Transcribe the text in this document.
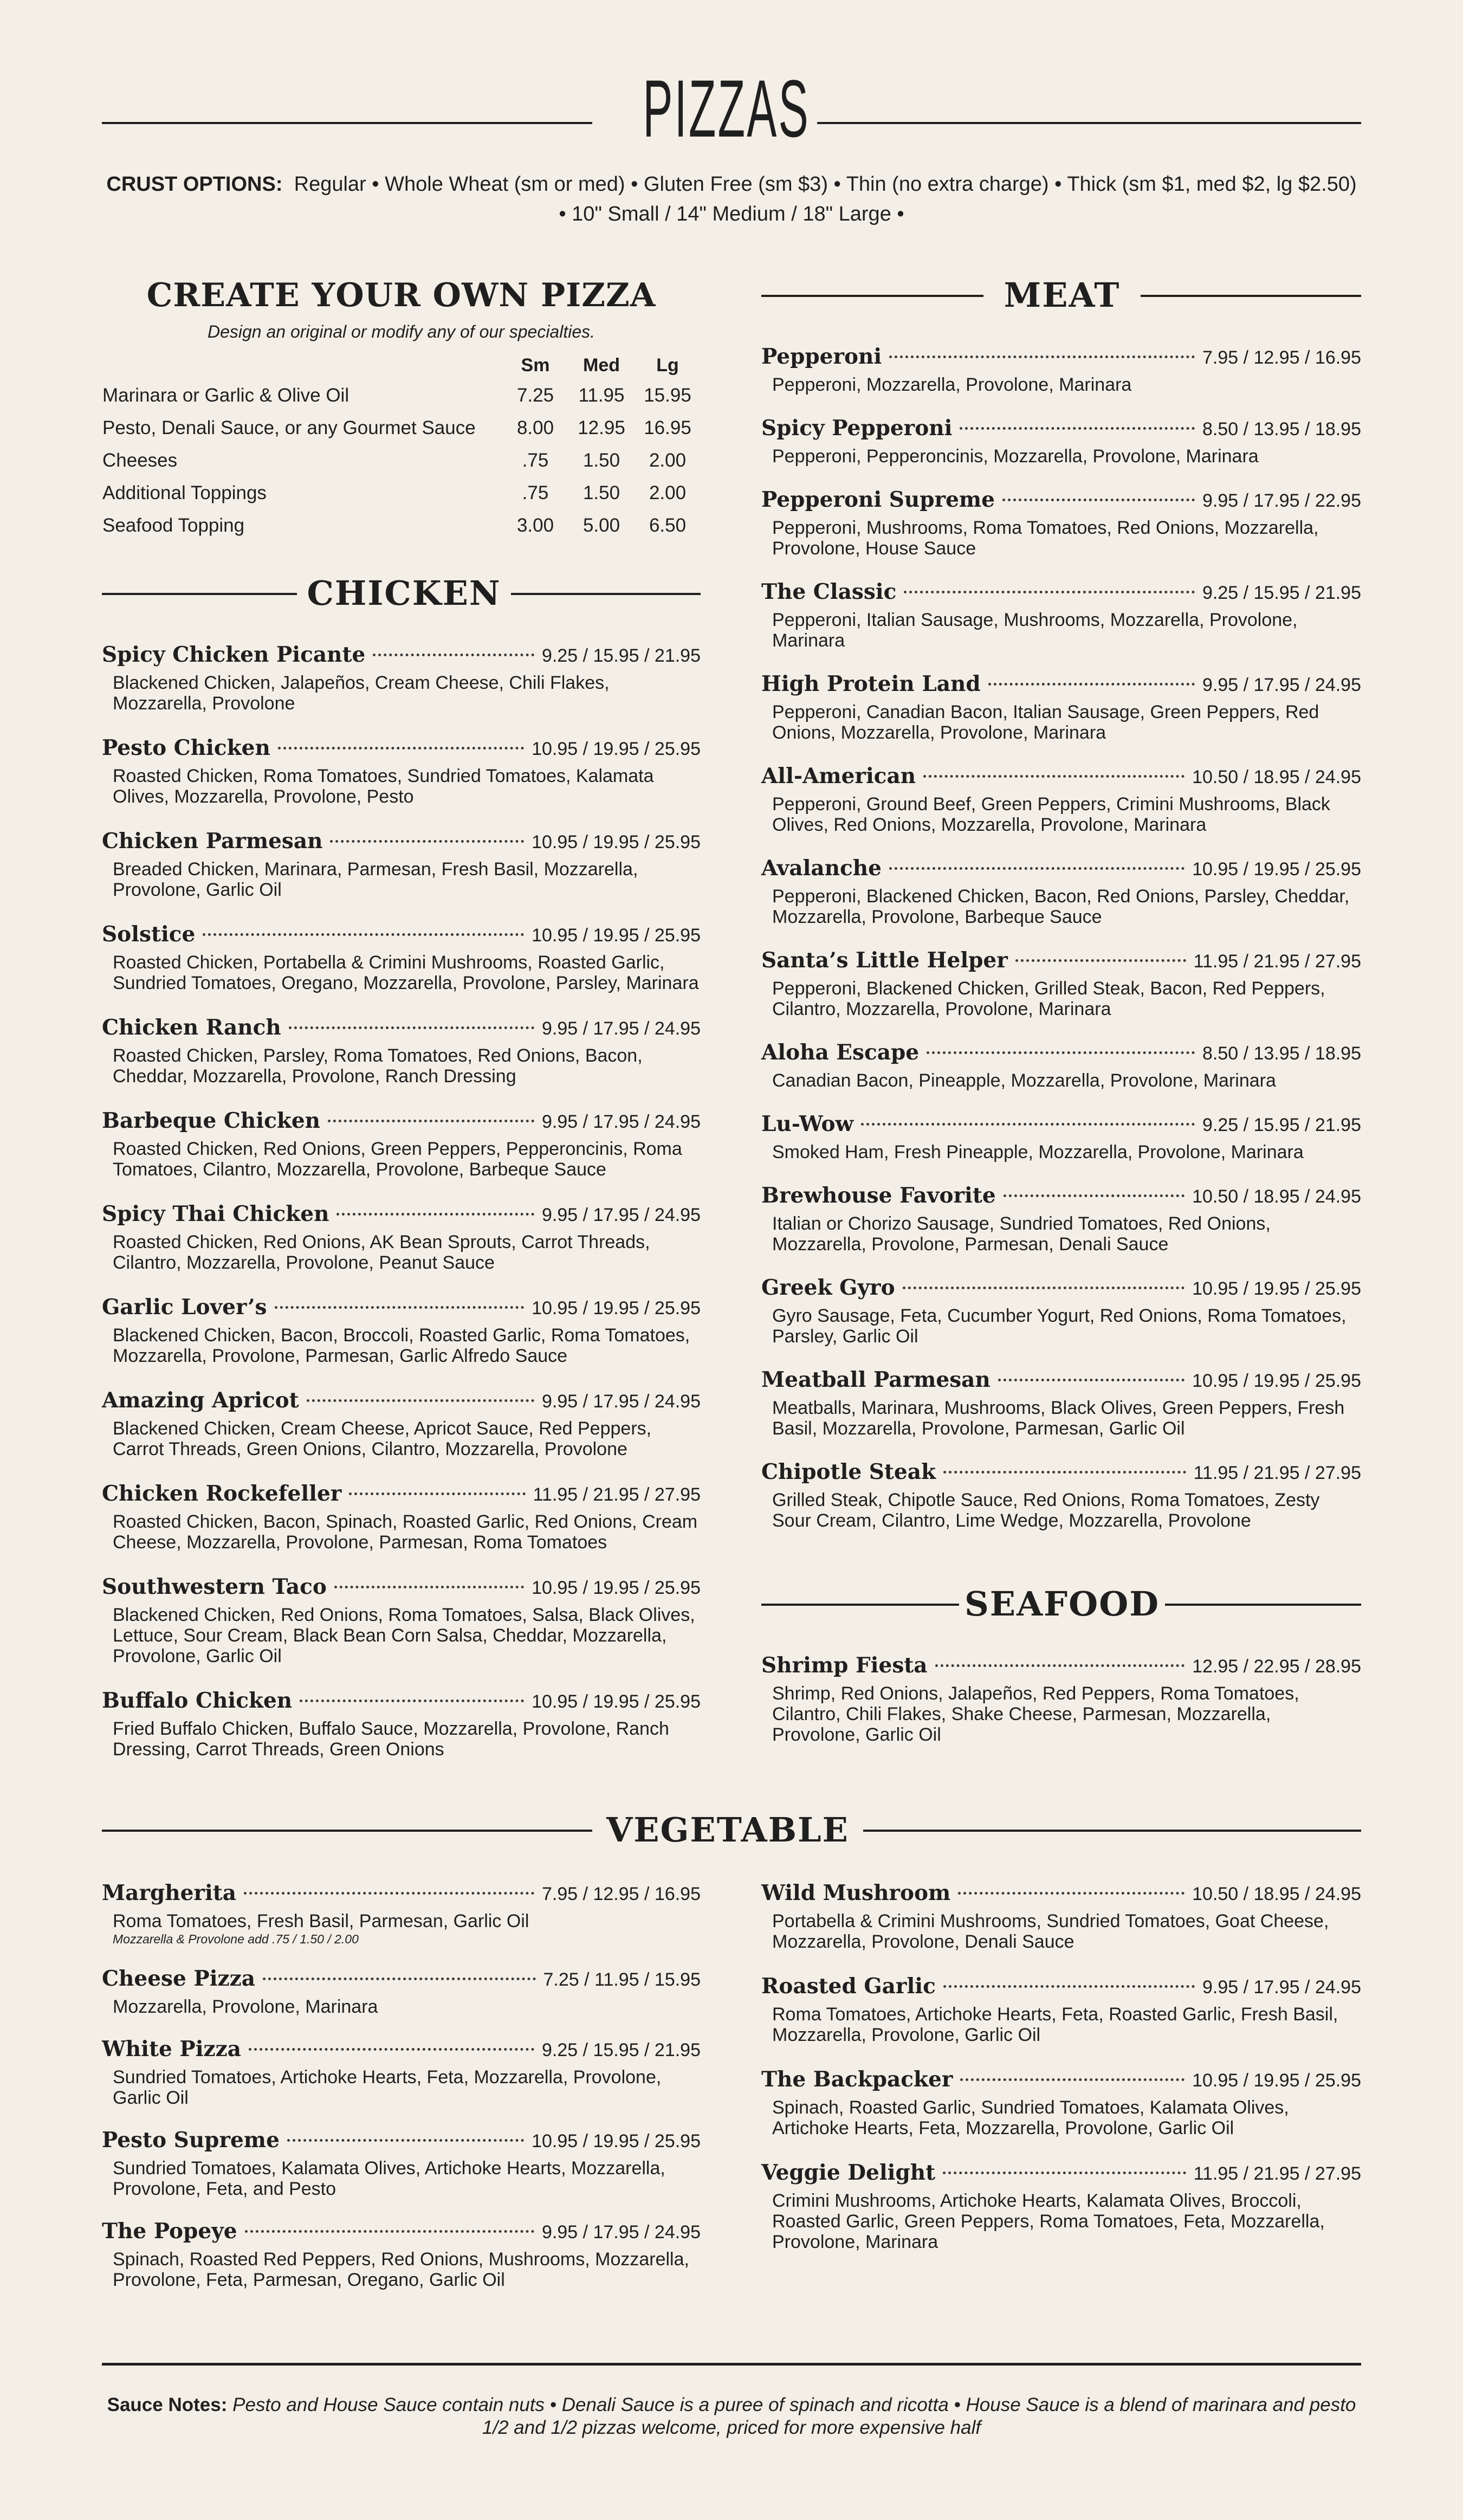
PIZZAS
CRUST OPTIONS: Regular • Whole Wheat (sm or med) • Gluten Free (sm $3) • Thin (no extra charge) • Thick (sm $1, med $2, lg $2.50)
• 10" Small / 14" Medium / 18" Large •
CREATE YOUR OWN PIZZA
Design an original or modify any of our specialties.
	Sm	Med	Lg
Marinara or Garlic & Olive Oil	7.25	11.95	15.95
Pesto, Denali Sauce, or any Gourmet Sauce	8.00	12.95	16.95
Cheeses	.75	1.50	2.00
Additional Toppings	.75	1.50	2.00
Seafood Topping	3.00	5.00	6.50
CHICKEN
Spicy Chicken Picante	9.25 / 15.95 / 21.95
Blackened Chicken, Jalapeños, Cream Cheese, Chili Flakes, Mozzarella, Provolone
Pesto Chicken	10.95 / 19.95 / 25.95
Roasted Chicken, Roma Tomatoes, Sundried Tomatoes, Kalamata Olives, Mozzarella, Provolone, Pesto
Chicken Parmesan	10.95 / 19.95 / 25.95
Breaded Chicken, Marinara, Parmesan, Fresh Basil, Mozzarella, Provolone, Garlic Oil
Solstice	10.95 / 19.95 / 25.95
Roasted Chicken, Portabella & Crimini Mushrooms, Roasted Garlic, Sundried Tomatoes, Oregano, Mozzarella, Provolone, Parsley, Marinara
Chicken Ranch	9.95 / 17.95 / 24.95
Roasted Chicken, Parsley, Roma Tomatoes, Red Onions, Bacon, Cheddar, Mozzarella, Provolone, Ranch Dressing
Barbeque Chicken	9.95 / 17.95 / 24.95
Roasted Chicken, Red Onions, Green Peppers, Pepperoncinis, Roma Tomatoes, Cilantro, Mozzarella, Provolone, Barbeque Sauce
Spicy Thai Chicken	9.95 / 17.95 / 24.95
Roasted Chicken, Red Onions, AK Bean Sprouts, Carrot Threads, Cilantro, Mozzarella, Provolone, Peanut Sauce
Garlic Lover’s	10.95 / 19.95 / 25.95
Blackened Chicken, Bacon, Broccoli, Roasted Garlic, Roma Tomatoes, Mozzarella, Provolone, Parmesan, Garlic Alfredo Sauce
Amazing Apricot	9.95 / 17.95 / 24.95
Blackened Chicken, Cream Cheese, Apricot Sauce, Red Peppers, Carrot Threads, Green Onions, Cilantro, Mozzarella, Provolone
Chicken Rockefeller	11.95 / 21.95 / 27.95
Roasted Chicken, Bacon, Spinach, Roasted Garlic, Red Onions, Cream Cheese, Mozzarella, Provolone, Parmesan, Roma Tomatoes
Southwestern Taco	10.95 / 19.95 / 25.95
Blackened Chicken, Red Onions, Roma Tomatoes, Salsa, Black Olives, Lettuce, Sour Cream, Black Bean Corn Salsa, Cheddar, Mozzarella, Provolone, Garlic Oil
Buffalo Chicken	10.95 / 19.95 / 25.95
Fried Buffalo Chicken, Buffalo Sauce, Mozzarella, Provolone, Ranch Dressing, Carrot Threads, Green Onions
MEAT
Pepperoni	7.95 / 12.95 / 16.95
Pepperoni, Mozzarella, Provolone, Marinara
Spicy Pepperoni	8.50 / 13.95 / 18.95
Pepperoni, Pepperoncinis, Mozzarella, Provolone, Marinara
Pepperoni Supreme	9.95 / 17.95 / 22.95
Pepperoni, Mushrooms, Roma Tomatoes, Red Onions, Mozzarella, Provolone, House Sauce
The Classic	9.25 / 15.95 / 21.95
Pepperoni, Italian Sausage, Mushrooms, Mozzarella, Provolone, Marinara
High Protein Land	9.95 / 17.95 / 24.95
Pepperoni, Canadian Bacon, Italian Sausage, Green Peppers, Red Onions, Mozzarella, Provolone, Marinara
All-American	10.50 / 18.95 / 24.95
Pepperoni, Ground Beef, Green Peppers, Crimini Mushrooms, Black Olives, Red Onions, Mozzarella, Provolone, Marinara
Avalanche	10.95 / 19.95 / 25.95
Pepperoni, Blackened Chicken, Bacon, Red Onions, Parsley, Cheddar, Mozzarella, Provolone, Barbeque Sauce
Santa’s Little Helper	11.95 / 21.95 / 27.95
Pepperoni, Blackened Chicken, Grilled Steak, Bacon, Red Peppers, Cilantro, Mozzarella, Provolone, Marinara
Aloha Escape	8.50 / 13.95 / 18.95
Canadian Bacon, Pineapple, Mozzarella, Provolone, Marinara
Lu-Wow	9.25 / 15.95 / 21.95
Smoked Ham, Fresh Pineapple, Mozzarella, Provolone, Marinara
Brewhouse Favorite	10.50 / 18.95 / 24.95
Italian or Chorizo Sausage, Sundried Tomatoes, Red Onions, Mozzarella, Provolone, Parmesan, Denali Sauce
Greek Gyro	10.95 / 19.95 / 25.95
Gyro Sausage, Feta, Cucumber Yogurt, Red Onions, Roma Tomatoes, Parsley, Garlic Oil
Meatball Parmesan	10.95 / 19.95 / 25.95
Meatballs, Marinara, Mushrooms, Black Olives, Green Peppers, Fresh Basil, Mozzarella, Provolone, Parmesan, Garlic Oil
Chipotle Steak	11.95 / 21.95 / 27.95
Grilled Steak, Chipotle Sauce, Red Onions, Roma Tomatoes, Zesty Sour Cream, Cilantro, Lime Wedge, Mozzarella, Provolone
SEAFOOD
Shrimp Fiesta	12.95 / 22.95 / 28.95
Shrimp, Red Onions, Jalapeños, Red Peppers, Roma Tomatoes, Cilantro, Chili Flakes, Shake Cheese, Parmesan, Mozzarella, Provolone, Garlic Oil
VEGETABLE
Margherita	7.95 / 12.95 / 16.95
Roma Tomatoes, Fresh Basil, Parmesan, Garlic Oil
Mozzarella & Provolone add .75 / 1.50 / 2.00
Cheese Pizza	7.25 / 11.95 / 15.95
Mozzarella, Provolone, Marinara
White Pizza	9.25 / 15.95 / 21.95
Sundried Tomatoes, Artichoke Hearts, Feta, Mozzarella, Provolone, Garlic Oil
Pesto Supreme	10.95 / 19.95 / 25.95
Sundried Tomatoes, Kalamata Olives, Artichoke Hearts, Mozzarella, Provolone, Feta, and Pesto
The Popeye	9.95 / 17.95 / 24.95
Spinach, Roasted Red Peppers, Red Onions, Mushrooms, Mozzarella, Provolone, Feta, Parmesan, Oregano, Garlic Oil
Wild Mushroom	10.50 / 18.95 / 24.95
Portabella & Crimini Mushrooms, Sundried Tomatoes, Goat Cheese, Mozzarella, Provolone, Denali Sauce
Roasted Garlic	9.95 / 17.95 / 24.95
Roma Tomatoes, Artichoke Hearts, Feta, Roasted Garlic, Fresh Basil, Mozzarella, Provolone, Garlic Oil
The Backpacker	10.95 / 19.95 / 25.95
Spinach, Roasted Garlic, Sundried Tomatoes, Kalamata Olives, Artichoke Hearts, Feta, Mozzarella, Provolone, Garlic Oil
Veggie Delight	11.95 / 21.95 / 27.95
Crimini Mushrooms, Artichoke Hearts, Kalamata Olives, Broccoli, Roasted Garlic, Green Peppers, Roma Tomatoes, Feta, Mozzarella, Provolone, Marinara
Sauce Notes: Pesto and House Sauce contain nuts • Denali Sauce is a puree of spinach and ricotta • House Sauce is a blend of marinara and pesto
1/2 and 1/2 pizzas welcome, priced for more expensive half
